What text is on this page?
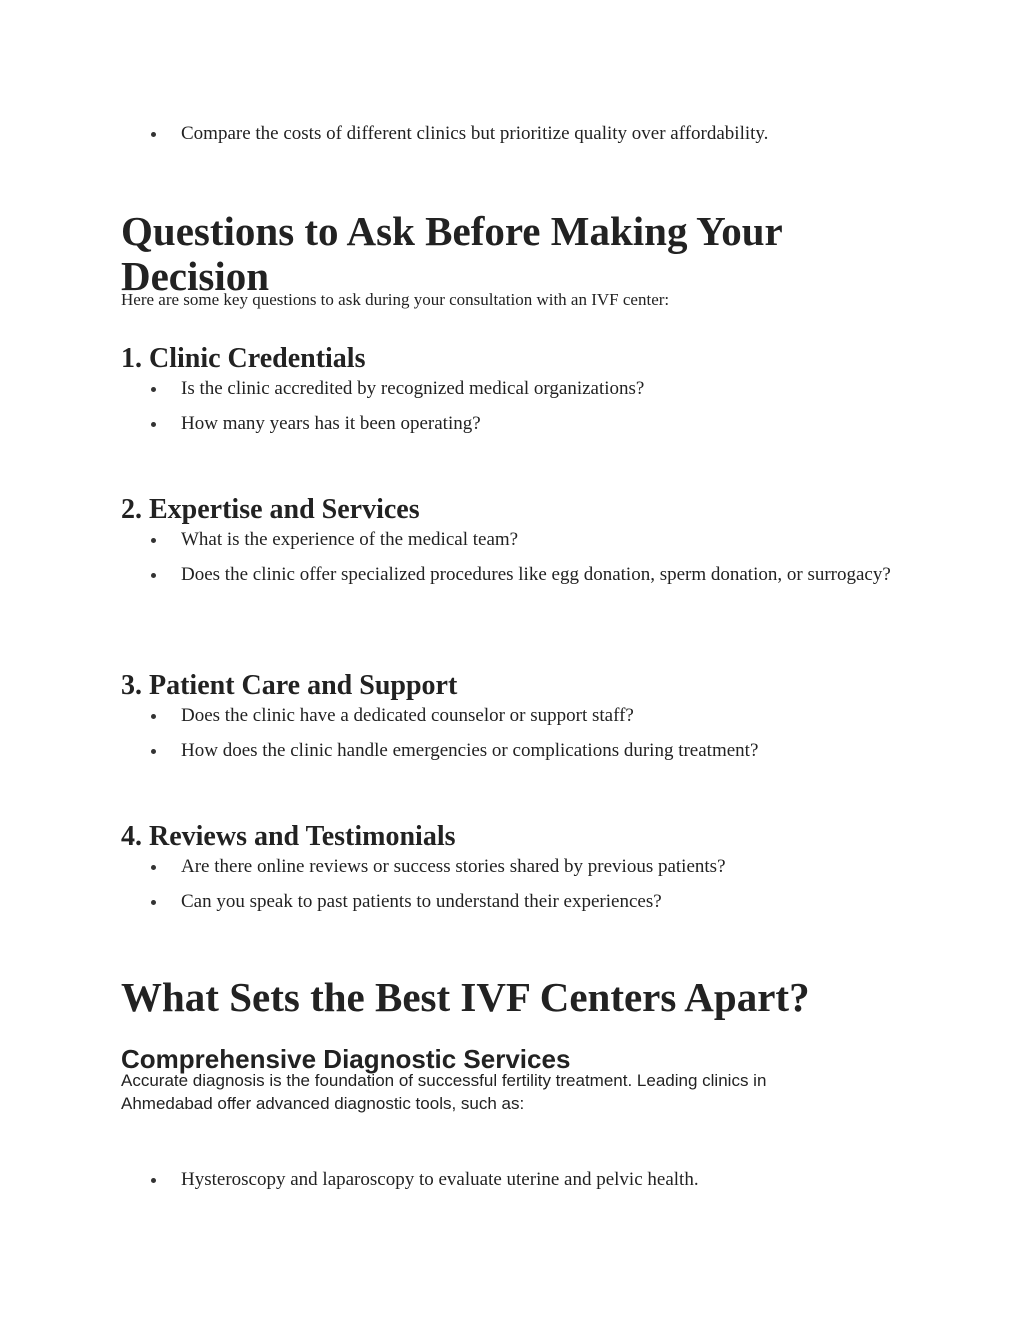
Compare the costs of different clinics but prioritize quality over affordability.
Questions to Ask Before Making Your Decision

Here are some key questions to ask during your consultation with an IVF center:

1. Clinic Credentials
Is the clinic accredited by recognized medical organizations?
How many years has it been operating?
2. Expertise and Services
What is the experience of the medical team?
Does the clinic offer specialized procedures like egg donation, sperm donation, or surrogacy?
3. Patient Care and Support
Does the clinic have a dedicated counselor or support staff?
How does the clinic handle emergencies or complications during treatment?
4. Reviews and Testimonials
Are there online reviews or success stories shared by previous patients?
Can you speak to past patients to understand their experiences?
What Sets the Best IVF Centers Apart?
Comprehensive Diagnostic Services

Accurate diagnosis is the foundation of successful fertility treatment. Leading clinics in Ahmedabad offer advanced diagnostic tools, such as:

Hysteroscopy and laparoscopy to evaluate uterine and pelvic health.
